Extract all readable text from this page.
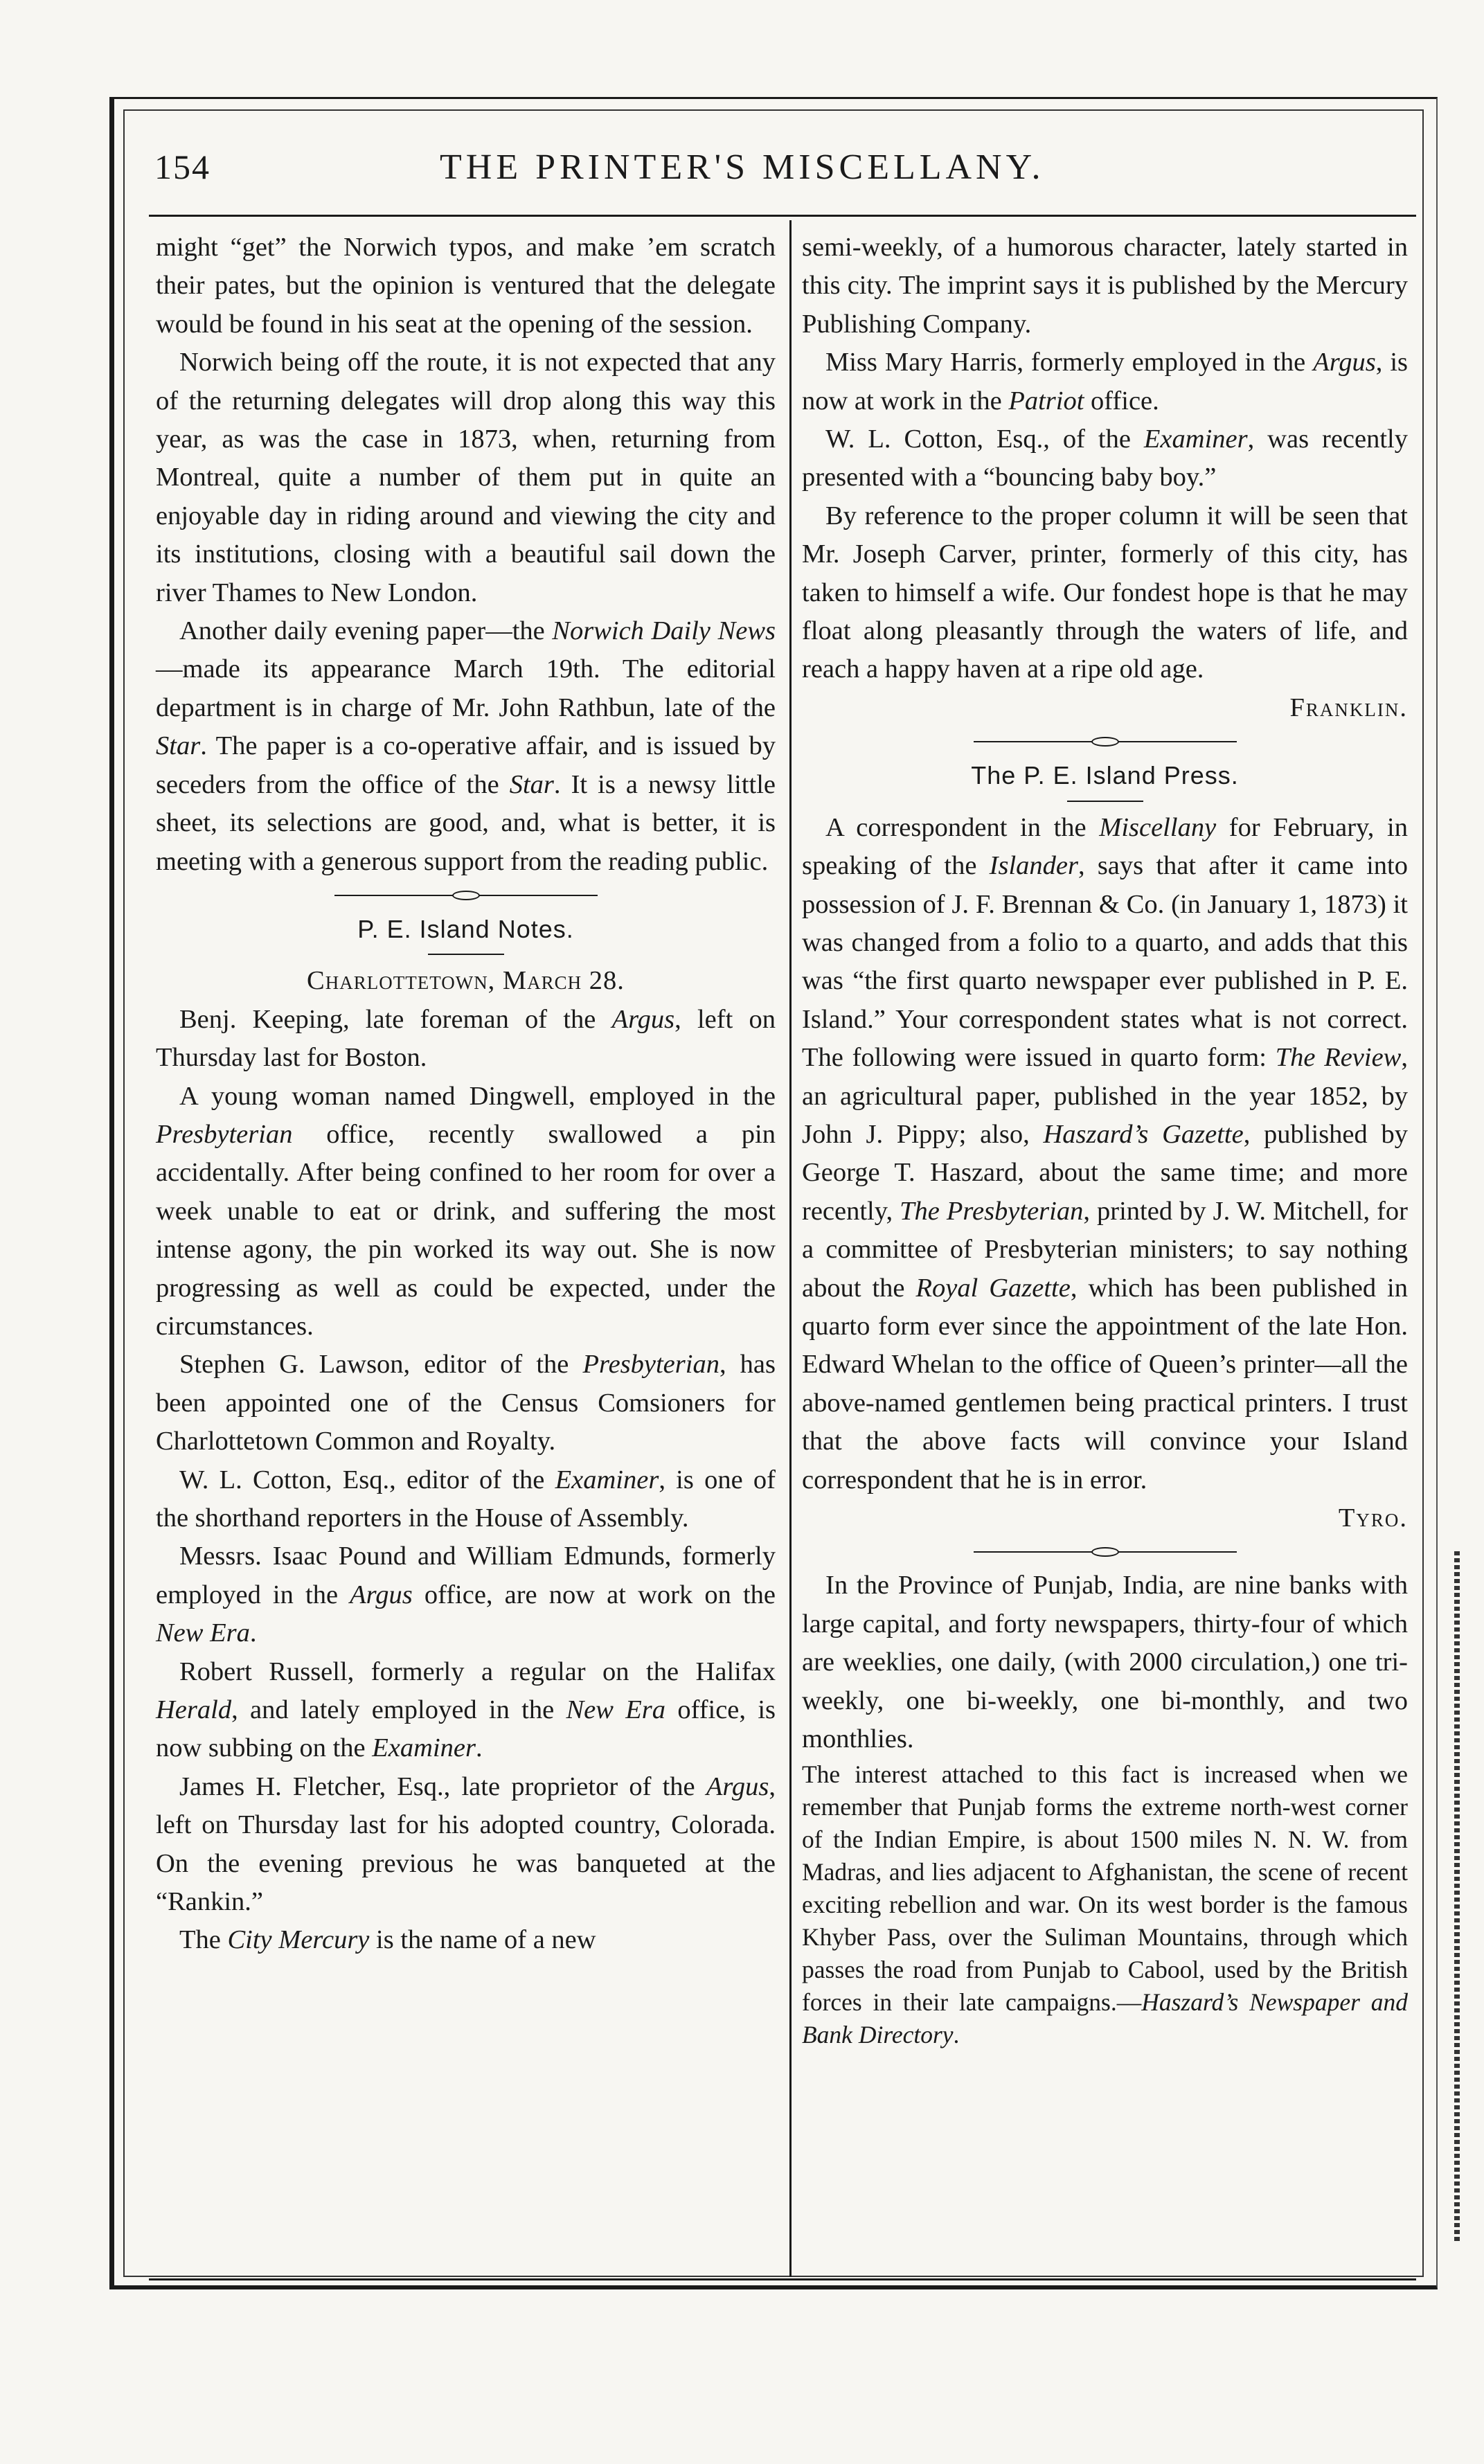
154	THE PRINTER'S MISCELLANY.

might “get” the Norwich typos, and make ’em scratch their pates, but the opinion is ventured that the delegate would be found in his seat at the opening of the session.

Norwich being off the route, it is not expected that any of the returning delegates will drop along this way this year, as was the case in 1873, when, returning from Montreal, quite a number of them put in quite an enjoyable day in riding around and viewing the city and its institutions, closing with a beautiful sail down the river Thames to New London.

Another daily evening paper—the Norwich Daily News—made its appearance March 19th. The editorial department is in charge of Mr. John Rathbun, late of the Star. The paper is a co-operative affair, and is issued by seceders from the office of the Star. It is a newsy little sheet, its selections are good, and, what is better, it is meeting with a generous support from the reading public.

P. E. Island Notes.

Charlottetown, March 28.

Benj. Keeping, late foreman of the Argus, left on Thursday last for Boston.

A young woman named Dingwell, employed in the Presbyterian office, recently swallowed a pin accidentally. After being confined to her room for over a week unable to eat or drink, and suffering the most intense agony, the pin worked its way out. She is now progressing as well as could be expected, under the circumstances.

Stephen G. Lawson, editor of the Presbyterian, has been appointed one of the Census Comsioners for Charlottetown Common and Royalty.

W. L. Cotton, Esq., editor of the Examiner, is one of the shorthand reporters in the House of Assembly.

Messrs. Isaac Pound and William Edmunds, formerly employed in the Argus office, are now at work on the New Era.

Robert Russell, formerly a regular on the Halifax Herald, and lately employed in the New Era office, is now subbing on the Examiner.

James H. Fletcher, Esq., late proprietor of the Argus, left on Thursday last for his adopted country, Colorada. On the evening previous he was banqueted at the “Rankin.”

The City Mercury is the name of a new

semi-weekly, of a humorous character, lately started in this city. The imprint says it is published by the Mercury Publishing Company.

Miss Mary Harris, formerly employed in the Argus, is now at work in the Patriot office.

W. L. Cotton, Esq., of the Examiner, was recently presented with a “bouncing baby boy.”

By reference to the proper column it will be seen that Mr. Joseph Carver, printer, formerly of this city, has taken to himself a wife. Our fondest hope is that he may float along pleasantly through the waters of life, and reach a happy haven at a ripe old age.

Franklin.

The P. E. Island Press.

A correspondent in the Miscellany for February, in speaking of the Islander, says that after it came into possession of J. F. Brennan & Co. (in January 1, 1873) it was changed from a folio to a quarto, and adds that this was “the first quarto newspaper ever published in P. E. Island.” Your correspondent states what is not correct. The following were issued in quarto form: The Review, an agricultural paper, published in the year 1852, by John J. Pippy; also, Haszard’s Gazette, published by George T. Haszard, about the same time; and more recently, The Presbyterian, printed by J. W. Mitchell, for a committee of Presbyterian ministers; to say nothing about the Royal Gazette, which has been published in quarto form ever since the appointment of the late Hon. Edward Whelan to the office of Queen’s printer—all the above-named gentlemen being practical printers. I trust that the above facts will convince your Island correspondent that he is in error.

Tyro.

In the Province of Punjab, India, are nine banks with large capital, and forty newspapers, thirty-four of which are weeklies, one daily, (with 2000 circulation,) one tri-weekly, one bi-weekly, one bi-monthly, and two monthlies.

The interest attached to this fact is increased when we remember that Punjab forms the extreme north-west corner of the Indian Empire, is about 1500 miles N. N. W. from Madras, and lies adjacent to Afghanistan, the scene of recent exciting rebellion and war. On its west border is the famous Khyber Pass, over the Suliman Mountains, through which passes the road from Punjab to Cabool, used by the British forces in their late campaigns.—Haszard’s Newspaper and Bank Directory.
